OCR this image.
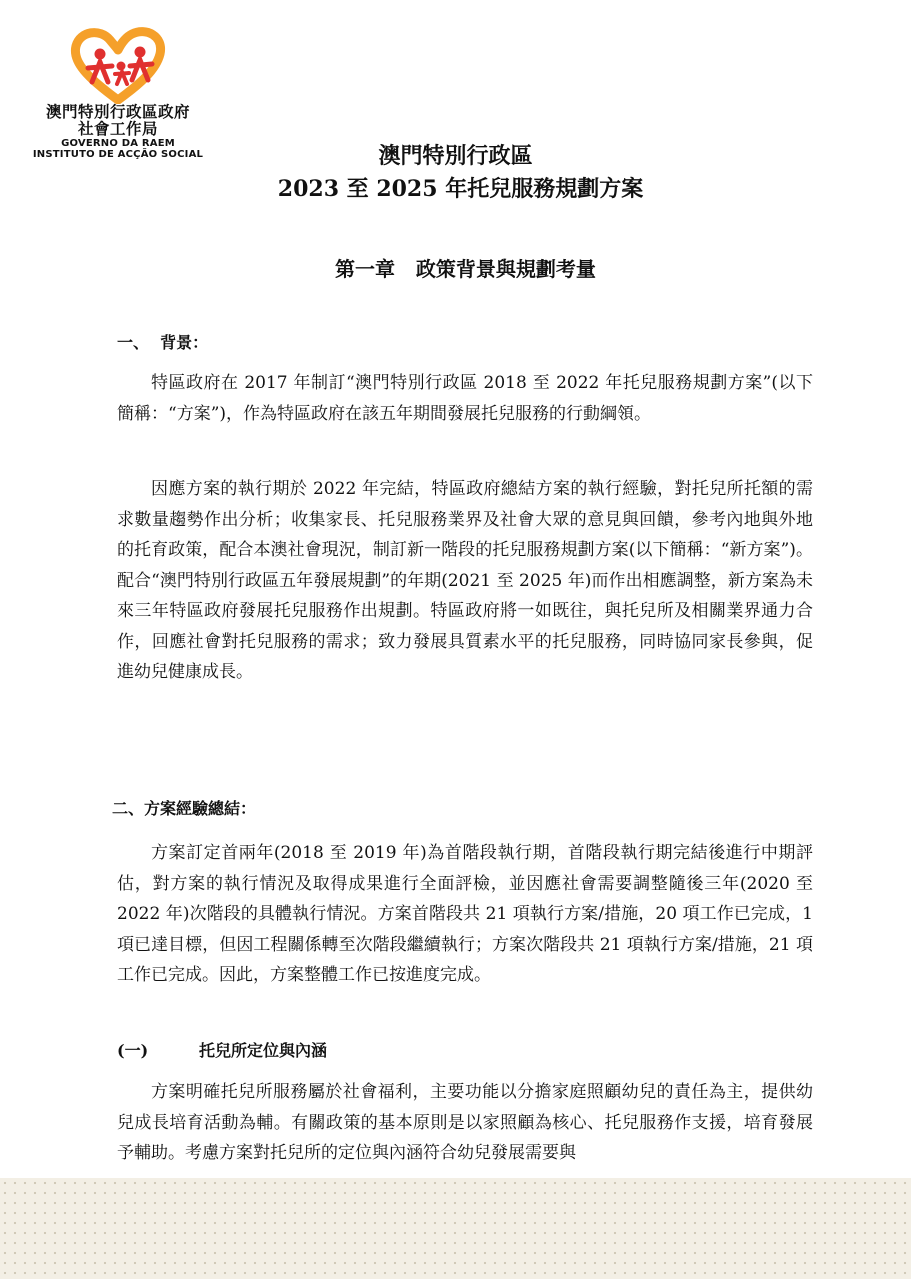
澳門特別行政區政府
社會工作局
GOVERNO DA RAEM
INSTITUTO DE ACÇÃO SOCIAL	澳門特別行政區
2023 至 2025 年托兒服務規劃方案
第一章   政策背景與規劃考量
一、  背景：

特區政府在 2017 年制訂“澳門特別行政區 2018 至 2022 年托兒服務規劃方案”(以下簡稱：“方案”)，作為特區政府在該五年期間發展托兒服務的行動綱領。

因應方案的執行期於 2022 年完結，特區政府總結方案的執行經驗，對托兒所托額的需求數量趨勢作出分析；收集家長、托兒服務業界及社會大眾的意見與回饋，參考內地與外地的托育政策，配合本澳社會現況，制訂新一階段的托兒服務規劃方案(以下簡稱：“新方案”)。配合“澳門特別行政區五年發展規劃”的年期(2021 至 2025 年)而作出相應調整，新方案為未來三年特區政府發展托兒服務作出規劃。特區政府將一如既往，與托兒所及相關業界通力合作，回應社會對托兒服務的需求；致力發展具質素水平的托兒服務，同時協同家長參與，促進幼兒健康成長。

二、方案經驗總結：

方案訂定首兩年(2018 至 2019 年)為首階段執行期，首階段執行期完結後進行中期評估，對方案的執行情況及取得成果進行全面評檢，並因應社會需要調整隨後三年(2020 至 2022 年)次階段的具體執行情況。方案首階段共 21 項執行方案/措施，20 項工作已完成，1 項已達目標，但因工程關係轉至次階段繼續執行；方案次階段共 21 項執行方案/措施，21 項工作已完成。因此，方案整體工作已按進度完成。

(一)	托兒所定位與內涵

方案明確托兒所服務屬於社會福利，主要功能以分擔家庭照顧幼兒的責任為主，提供幼兒成長培育活動為輔。有關政策的基本原則是以家照顧為核心、托兒服務作支援，培育發展予輔助。考慮方案對托兒所的定位與內涵符合幼兒發展需要與
